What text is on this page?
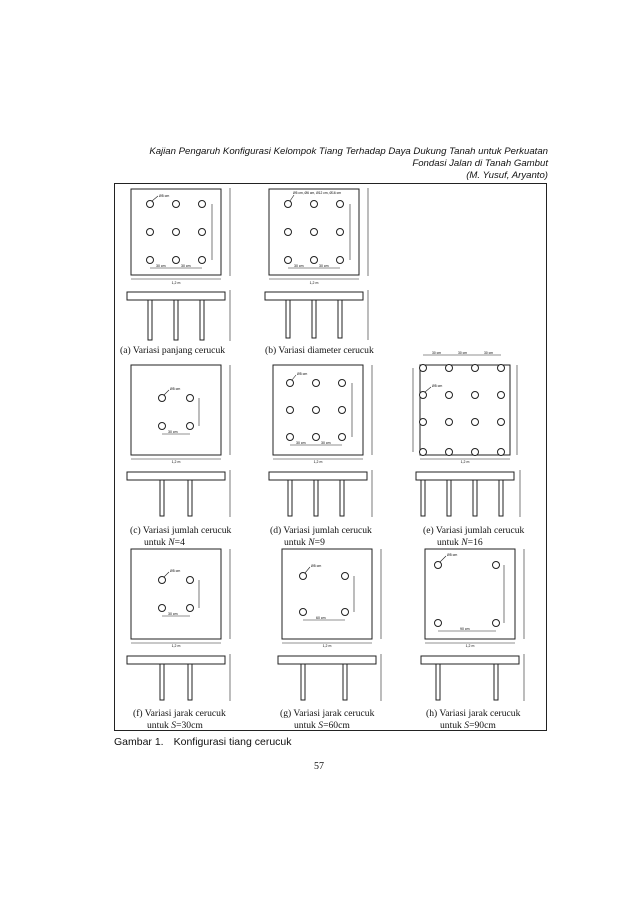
Kajian Pengaruh Konfigurasi Kelompok Tiang Terhadap Daya Dukung Tanah untuk Perkuatan
Fondasi Jalan di Tanah Gambut
(M. Yusuf, Aryanto)
Ø5 cm
30 cm	30 cm
1,2 m
(a) Variasi panjang cerucuk
Ø5 cm, Ø6 cm, Ø12 cm, Ø16 cm
30 cm	30 cm
1,2 m
(b) Variasi diameter cerucuk
Ø5 cm
30 cm
1,2 m
(c) Variasi jumlah cerucuk
untuk N=4
Ø5 cm
30 cm	30 cm
1,2 m
(d) Variasi jumlah cerucuk
untuk N=9
30 cm	30 cm	30 cm
Ø5 cm
1,2 m
(e) Variasi jumlah cerucuk
untuk N=16
Ø5 cm
30 cm
1,2 m
(f) Variasi jarak cerucuk
untuk S=30cm
Ø5 cm
60 cm
1,2 m
(g) Variasi jarak cerucuk
untuk S=60cm
Ø5 cm
90 cm
1,2 m
(h) Variasi jarak cerucuk
untuk S=90cm
Gambar 1. Konfigurasi tiang cerucuk
57
